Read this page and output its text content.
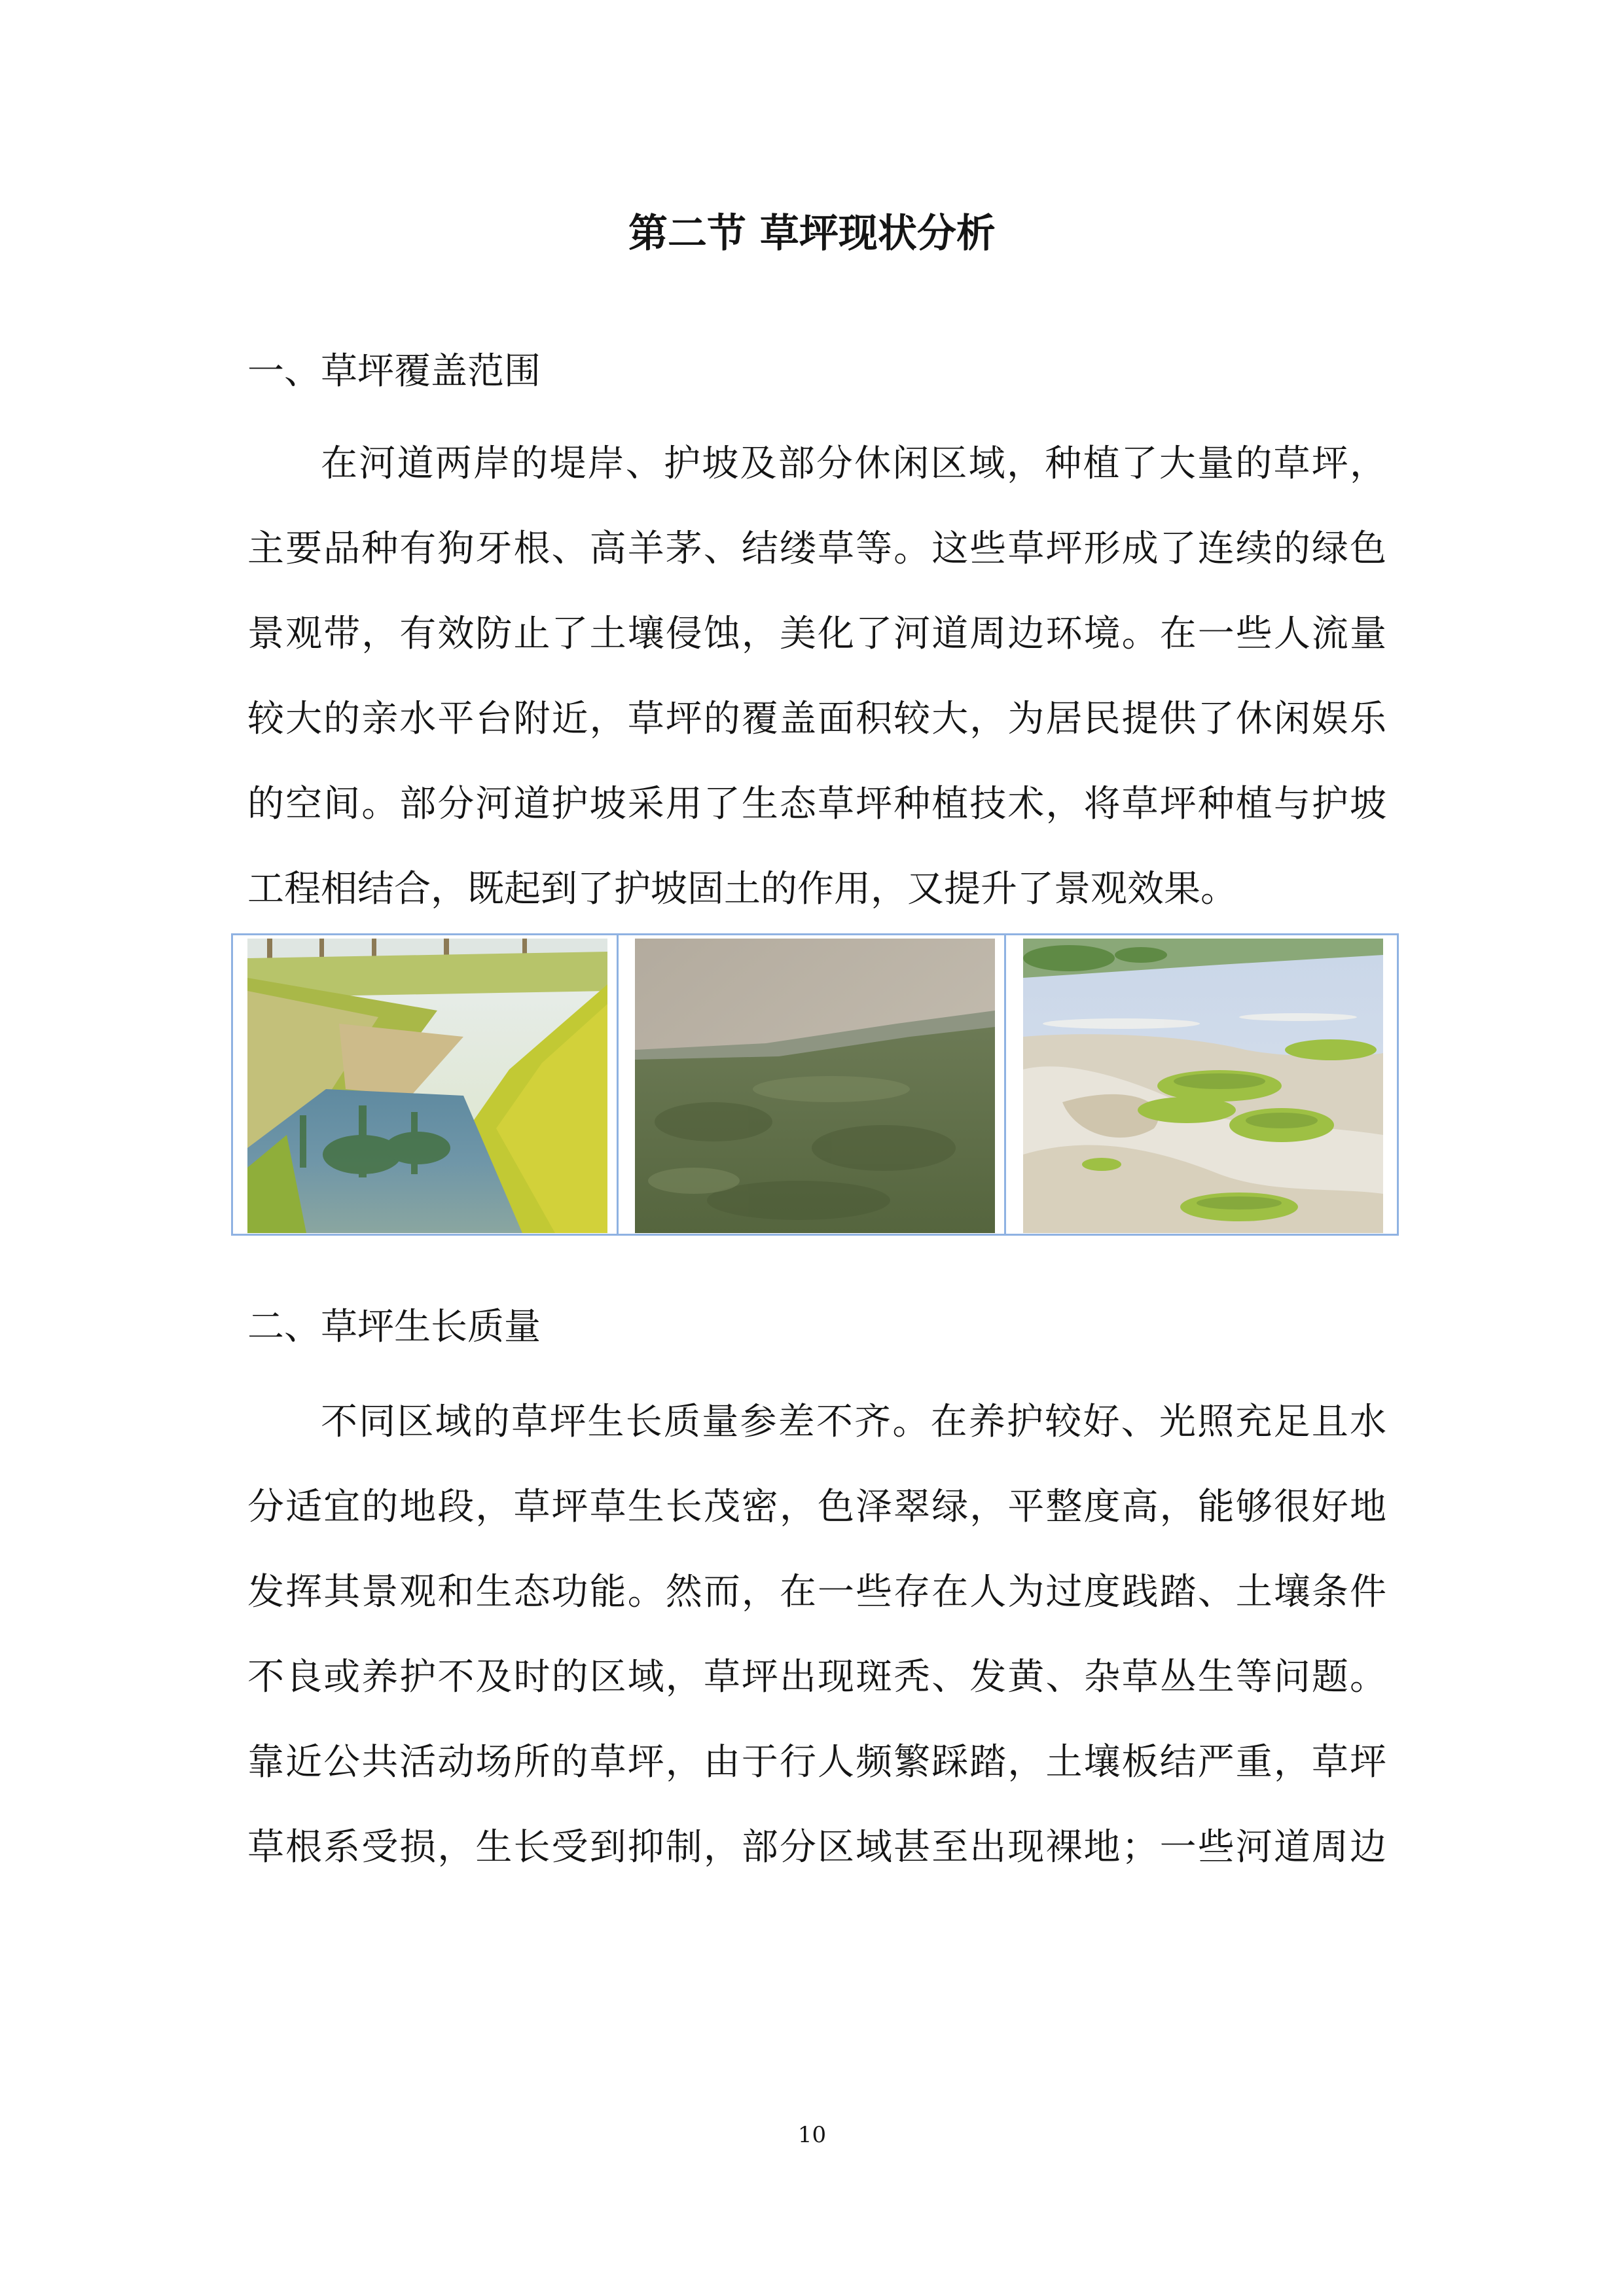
第二节 草坪现状分析
一、草坪覆盖范围
在河道两岸的堤岸、护坡及部分休闲区域，种植了大量的草坪，
主要品种有狗牙根、高羊茅、结缕草等。这些草坪形成了连续的绿色
景观带，有效防止了土壤侵蚀，美化了河道周边环境。在一些人流量
较大的亲水平台附近，草坪的覆盖面积较大，为居民提供了休闲娱乐
的空间。部分河道护坡采用了生态草坪种植技术，将草坪种植与护坡
工程相结合，既起到了护坡固土的作用，又提升了景观效果。
二、草坪生长质量
不同区域的草坪生长质量参差不齐。在养护较好、光照充足且水
分适宜的地段，草坪草生长茂密，色泽翠绿，平整度高，能够很好地
发挥其景观和生态功能。然而，在一些存在人为过度践踏、土壤条件
不良或养护不及时的区域，草坪出现斑秃、发黄、杂草丛生等问题。
靠近公共活动场所的草坪，由于行人频繁踩踏，土壤板结严重，草坪
草根系受损，生长受到抑制，部分区域甚至出现裸地；一些河道周边
10
